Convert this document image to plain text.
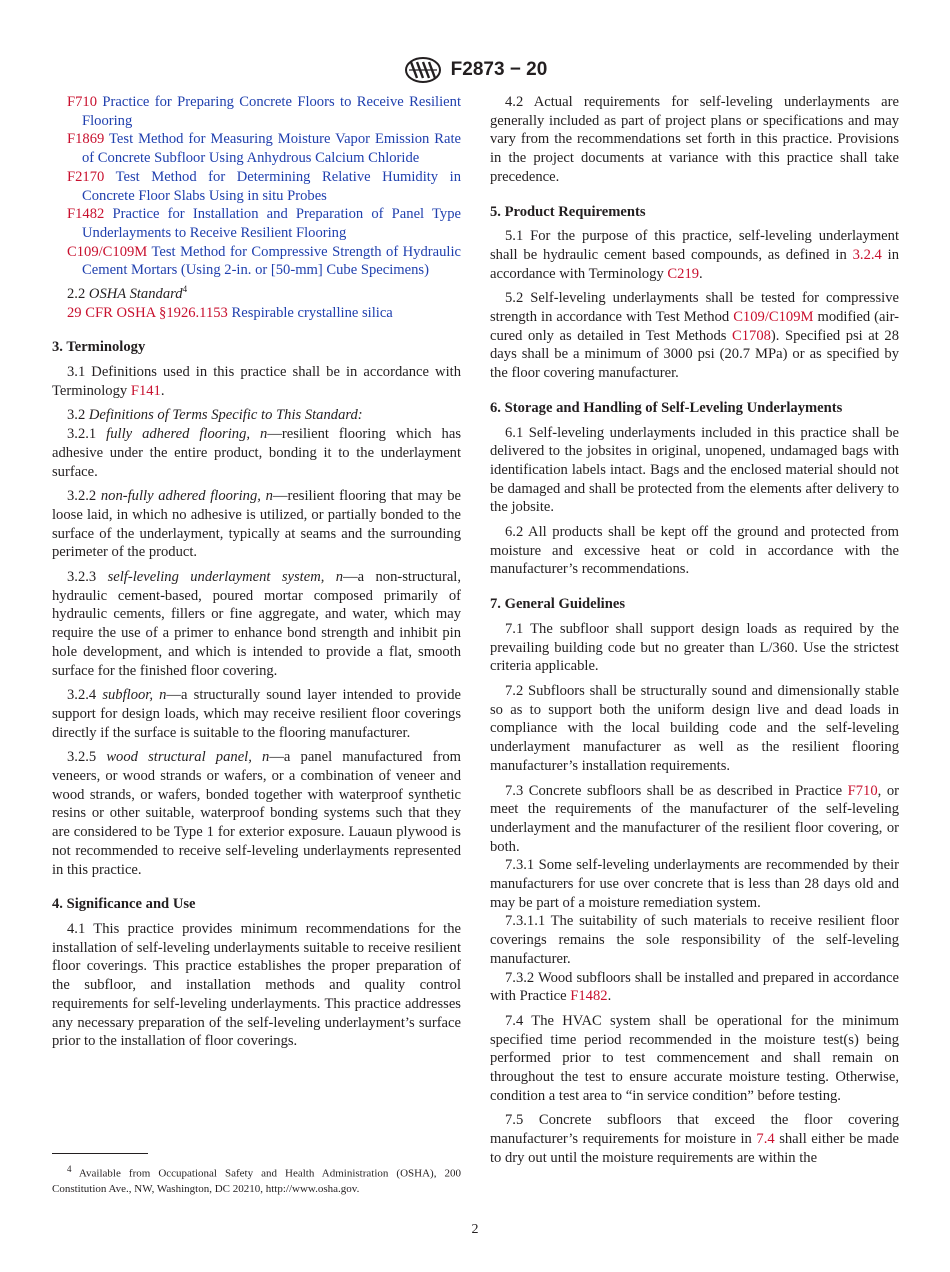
F2873 − 20

F710 Practice for Preparing Concrete Floors to Receive Resilient Flooring

F1869 Test Method for Measuring Moisture Vapor Emission Rate of Concrete Subfloor Using Anhydrous Calcium Chloride

F2170 Test Method for Determining Relative Humidity in Concrete Floor Slabs Using in situ Probes

F1482 Practice for Installation and Preparation of Panel Type Underlayments to Receive Resilient Flooring

C109/C109M Test Method for Compressive Strength of Hydraulic Cement Mortars (Using 2-in. or [50-mm] Cube Specimens)

2.2 OSHA Standard$^4$

29 CFR OSHA §1926.1153 Respirable crystalline silica

3. Terminology

3.1 Definitions used in this practice shall be in accordance with Terminology F141.

3.2 Definitions of Terms Specific to This Standard:

3.2.1 fully adhered flooring, n—resilient flooring which has adhesive under the entire product, bonding it to the underlayment surface.

3.2.2 non-fully adhered flooring, n—resilient flooring that may be loose laid, in which no adhesive is utilized, or partially bonded to the surface of the underlayment, typically at seams and the surrounding perimeter of the product.

3.2.3 self-leveling underlayment system, n—a non-structural, hydraulic cement-based, poured mortar composed primarily of hydraulic cements, fillers or fine aggregate, and water, which may require the use of a primer to enhance bond strength and inhibit pin hole development, and which is intended to provide a flat, smooth surface for the finished floor covering.

3.2.4 subfloor, n—a structurally sound layer intended to provide support for design loads, which may receive resilient floor coverings directly if the surface is suitable to the flooring manufacturer.

3.2.5 wood structural panel, n—a panel manufactured from veneers, or wood strands or wafers, or a combination of veneer and wood strands, or wafers, bonded together with waterproof synthetic resins or other suitable, waterproof bonding systems such that they are considered to be Type 1 for exterior exposure. Lauaun plywood is not recommended to receive self-leveling underlayments represented in this practice.

4. Significance and Use

4.1 This practice provides minimum recommendations for the installation of self-leveling underlayments suitable to receive resilient floor coverings. This practice establishes the proper preparation of the subfloor, and installation methods and quality control requirements for self-leveling underlayments. This practice addresses any necessary preparation of the self-leveling underlayment’s surface prior to the installation of floor coverings.

4.2 Actual requirements for self-leveling underlayments are generally included as part of project plans or specifications and may vary from the recommendations set forth in this practice. Provisions in the project documents at variance with this practice shall take precedence.

5. Product Requirements

5.1 For the purpose of this practice, self-leveling underlayment shall be hydraulic cement based compounds, as defined in 3.2.4 in accordance with Terminology C219.

5.2 Self-leveling underlayments shall be tested for compressive strength in accordance with Test Method C109/C109M modified (air-cured only as detailed in Test Methods C1708). Specified psi at 28 days shall be a minimum of 3000 psi (20.7 MPa) or as specified by the floor covering manufacturer.

6. Storage and Handling of Self-Leveling Underlayments

6.1 Self-leveling underlayments included in this practice shall be delivered to the jobsites in original, unopened, undamaged bags with identification labels intact. Bags and the enclosed material should not be damaged and shall be protected from the elements after delivery to the jobsite.

6.2 All products shall be kept off the ground and protected from moisture and excessive heat or cold in accordance with the manufacturer’s recommendations.

7. General Guidelines

7.1 The subfloor shall support design loads as required by the prevailing building code but no greater than L/360. Use the strictest criteria applicable.

7.2 Subfloors shall be structurally sound and dimensionally stable so as to support both the uniform design live and dead loads in compliance with the local building code and the self-leveling underlayment manufacturer as well as the resilient flooring manufacturer’s installation requirements.

7.3 Concrete subfloors shall be as described in Practice F710, or meet the requirements of the manufacturer of the self-leveling underlayment and the manufacturer of the resilient floor covering, or both.

7.3.1 Some self-leveling underlayments are recommended by their manufacturers for use over concrete that is less than 28 days old and may be part of a moisture remediation system.

7.3.1.1 The suitability of such materials to receive resilient floor coverings remains the sole responsibility of the self-leveling manufacturer.

7.3.2 Wood subfloors shall be installed and prepared in accordance with Practice F1482.

7.4 The HVAC system shall be operational for the minimum specified time period recommended in the moisture test(s) being performed prior to test commencement and shall remain on throughout the test to ensure accurate moisture testing. Otherwise, condition a test area to “in service condition” before testing.

7.5 Concrete subfloors that exceed the floor covering manufacturer’s requirements for moisture in 7.4 shall either be made to dry out until the moisture requirements are within the

$^4$ Available from Occupational Safety and Health Administration (OSHA), 200 Constitution Ave., NW, Washington, DC 20210, http://www.osha.gov.
2
